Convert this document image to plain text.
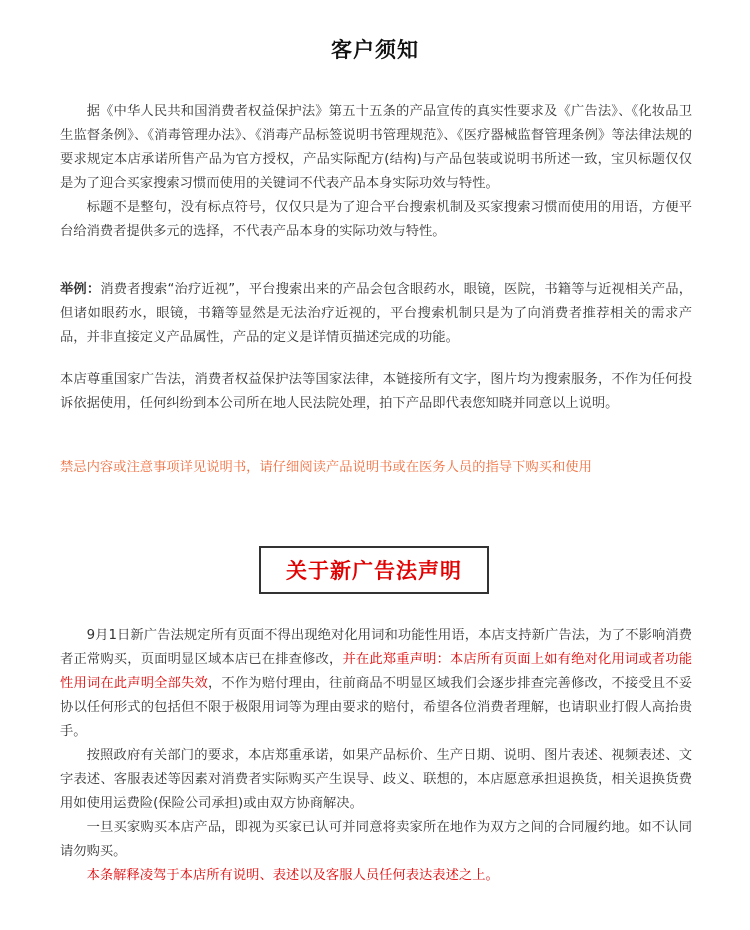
客户须知

据《中华人民共和国消费者权益保护法》第五十五条的产品宣传的真实性要求及《广告法》、《化妆品卫生监督条例》、《消毒管理办法》、《消毒产品标签说明书管理规范》、《医疗器械监督管理条例》等法律法规的要求规定本店承诺所售产品为官方授权，产品实际配方(结构)与产品包装或说明书所述一致，宝贝标题仅仅是为了迎合买家搜索习惯而使用的关键词不代表产品本身实际功效与特性。

标题不是整句，没有标点符号，仅仅只是为了迎合平台搜索机制及买家搜索习惯而使用的用语，方便平台给消费者提供多元的选择，不代表产品本身的实际功效与特性。

举例：消费者搜索“治疗近视”，平台搜索出来的产品会包含眼药水，眼镜，医院，书籍等与近视相关产品，但诸如眼药水，眼镜，书籍等显然是无法治疗近视的，平台搜索机制只是为了向消费者推荐相关的需求产品，并非直接定义产品属性，产品的定义是详情页描述完成的功能。

本店尊重国家广告法，消费者权益保护法等国家法律，本链接所有文字，图片均为搜索服务，不作为任何投诉依据使用，任何纠纷到本公司所在地人民法院处理，拍下产品即代表您知晓并同意以上说明。

禁忌内容或注意事项详见说明书，请仔细阅读产品说明书或在医务人员的指导下购买和使用

关于新广告法声明

9月1日新广告法规定所有页面不得出现绝对化用词和功能性用语，本店支持新广告法，为了不影响消费者正常购买，页面明显区域本店已在排查修改，并在此郑重声明：本店所有页面上如有绝对化用词或者功能性用词在此声明全部失效，不作为赔付理由，往前商品不明显区域我们会逐步排查完善修改，不接受且不妥协以任何形式的包括但不限于极限用词等为理由要求的赔付，希望各位消费者理解，也请职业打假人高抬贵手。

按照政府有关部门的要求，本店郑重承诺，如果产品标价、生产日期、说明、图片表述、视频表述、文字表述、客服表述等因素对消费者实际购买产生误导、歧义、联想的，本店愿意承担退换货，相关退换货费用如使用运费险(保险公司承担)或由双方协商解决。

一旦买家购买本店产品，即视为买家已认可并同意将卖家所在地作为双方之间的合同履约地。如不认同请勿购买。

本条解释凌驾于本店所有说明、表述以及客服人员任何表达表述之上。
